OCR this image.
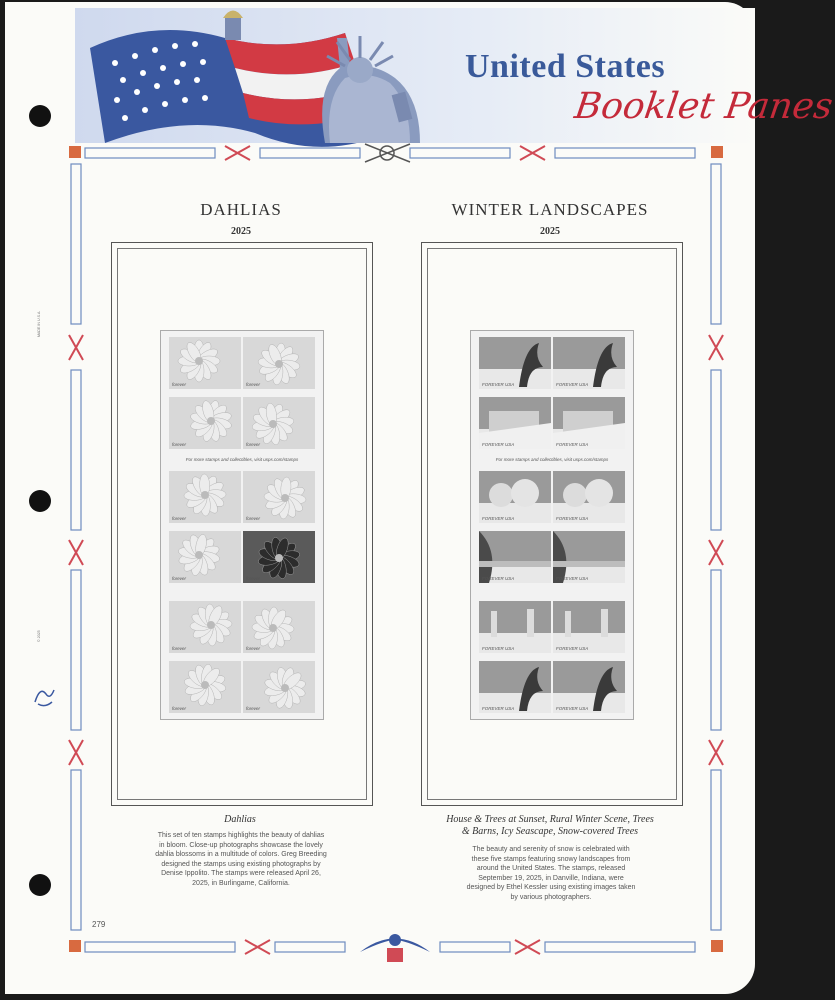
United States
Booklet Panes
DAHLIAS
2025
forever	forever
forever	forever
forever	forever
forever	forever
forever	forever
forever	forever
For more stamps and collectibles, visit usps.com/stamps
Dahlias
This set of ten stamps highlights the beauty of dahlias in bloom. Close-up photographs showcase the lovely dahlia blossoms in a multitude of colors. Greg Breeding designed the stamps using existing photographs by Denise Ippolito. The stamps were released April 26, 2025, in Burlingame, California.
WINTER LANDSCAPES
2025
FOREVER USA	FOREVER USA
FOREVER USA	FOREVER USA
FOREVER USA	FOREVER USA
FOREVER USA	FOREVER USA
FOREVER USA	FOREVER USA
FOREVER USA	FOREVER USA
For more stamps and collectibles, visit usps.com/stamps
House & Trees at Sunset, Rural Winter Scene, Trees & Barns, Icy Seascape, Snow-covered Trees
The beauty and serenity of snow is celebrated with these five stamps featuring snowy landscapes from around the United States. The stamps, released September 19, 2025, in Danville, Indiana, were designed by Ethel Kessler using existing images taken by various photographers.
MADE IN U.S.A.
© 2025
279
